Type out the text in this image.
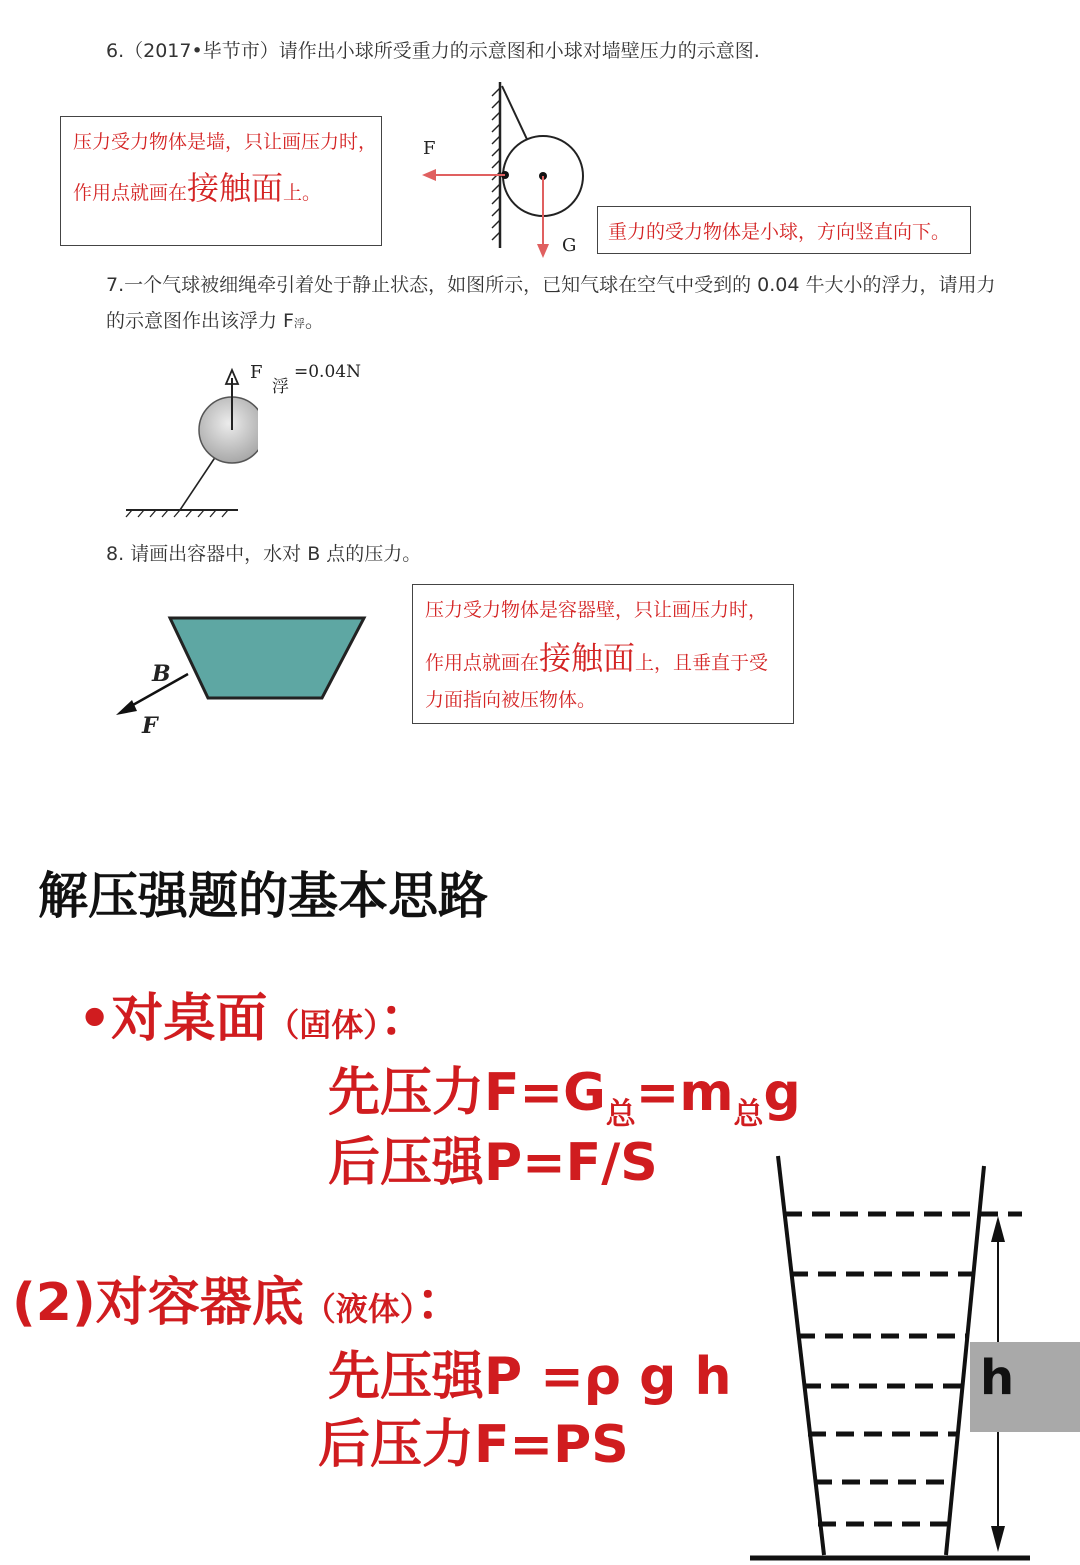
6.（2017•毕节市）请作出小球所受重力的示意图和小球对墙壁压力的示意图.
压力受力物体是墙，只让画压力时，
作用点就画在接触面上。
F
G
重力的受力物体是小球，方向竖直向下。
7.一个气球被细绳牵引着处于静止状态，如图所示，已知气球在空气中受到的 0.04 牛大小的浮力，请用力
的示意图作出该浮力 F浮。
F
浮
=0.04N
8. 请画出容器中，水对 B 点的压力。
B
F
压力受力物体是容器壁，只让画压力时，
作用点就画在接触面上，且垂直于受
力面指向被压物体。
解压强题的基本思路
•对桌面（固体）：
先压力$F=G_总=m_总g$
后压强P=F/S
(2)对容器底（液体）：
先压强P =ρ g h
后压力F=PS
h
